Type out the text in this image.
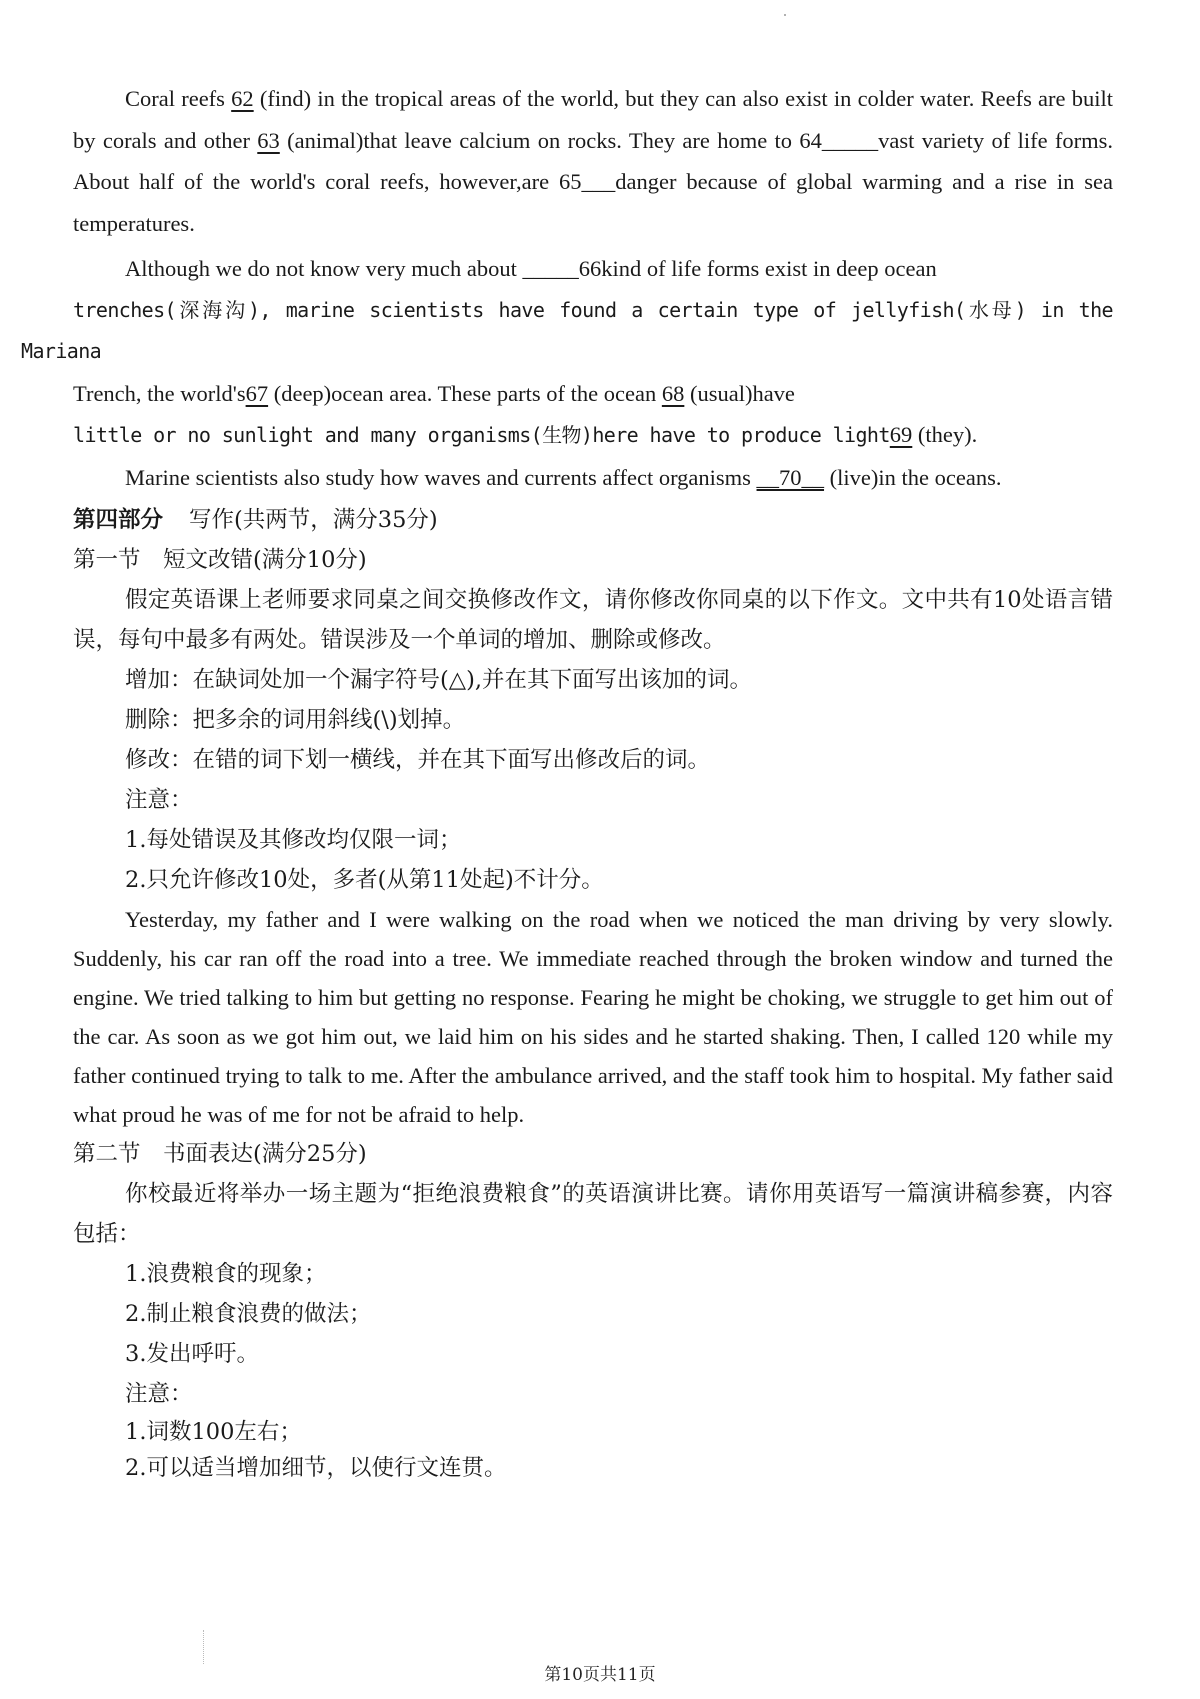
Coral reefs 62 (find) in the tropical areas of the world, but they can also exist in colder water. Reefs are built by corals and other 63 (animal)that leave calcium on rocks. They are home to 64_____vast variety of life forms. About half of the world's coral reefs, however,are 65___danger because of global warming and a rise in sea temperatures.

Although we do not know very much about _____66kind of life forms exist in deep ocean
trenches(深海沟), marine scientists have found a certain type of jellyfish(水母) in the Mariana
Trench, the world's67 (deep)ocean area. These parts of the ocean 68 (usual)have
little or no sunlight and many organisms(生物)here have to produce light69 (they).

Marine scientists also study how waves and currents affect organisms __70__ (live)in the oceans.

第四部分 写作(共两节，满分35分)

第一节　短文改错(满分10分)

假定英语课上老师要求同桌之间交换修改作文，请你修改你同桌的以下作文。文中共有10处语言错误，每句中最多有两处。错误涉及一个单词的增加、删除或修改。

增加：在缺词处加一个漏字符号(△),并在其下面写出该加的词。

删除：把多余的词用斜线(\)划掉。

修改：在错的词下划一横线，并在其下面写出修改后的词。

注意：

1.每处错误及其修改均仅限一词；

2.只允许修改10处，多者(从第11处起)不计分。

Yesterday, my father and I were walking on the road when we noticed the man driving by very slowly. Suddenly, his car ran off the road into a tree. We immediate reached through the broken window and turned the engine. We tried talking to him but getting no response. Fearing he might be choking, we struggle to get him out of the car. As soon as we got him out, we laid him on his sides and he started shaking. Then, I called 120 while my father continued trying to talk to me. After the ambulance arrived, and the staff took him to hospital. My father said what proud he was of me for not be afraid to help.

第二节　书面表达(满分25分)

你校最近将举办一场主题为“拒绝浪费粮食”的英语演讲比赛。请你用英语写一篇演讲稿参赛，内容包括：

1.浪费粮食的现象；

2.制止粮食浪费的做法；

3.发出呼吁。

注意：

1.词数100左右；

2.可以适当增加细节，以使行文连贯。

第10页共11页
